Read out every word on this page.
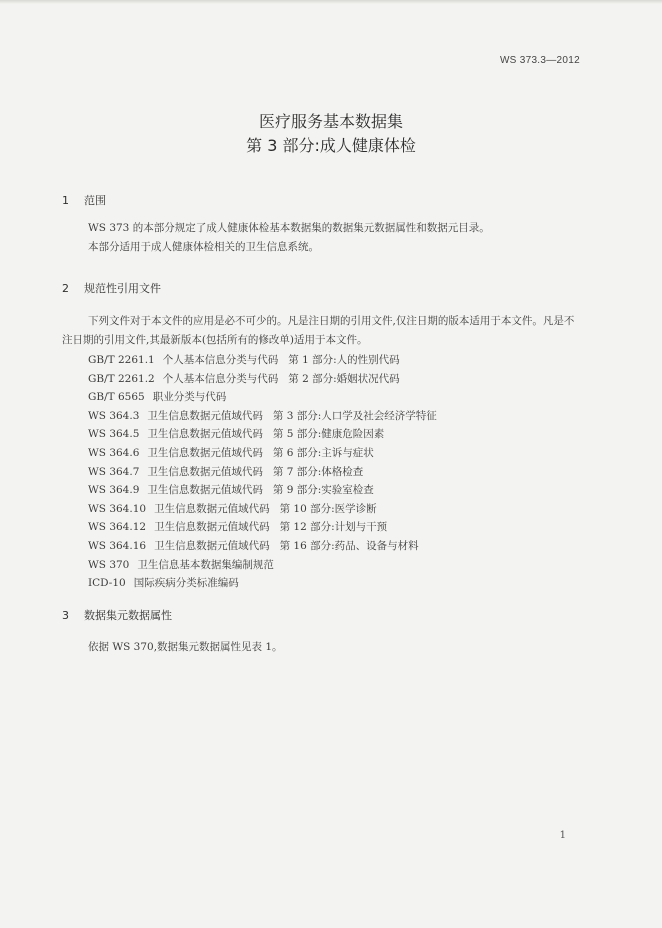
WS 373.3—2012
医疗服务基本数据集
第 3 部分:成人健康体检
1 范围

WS 373 的本部分规定了成人健康体检基本数据集的数据集元数据属性和数据元目录。

本部分适用于成人健康体检相关的卫生信息系统。

2 规范性引用文件

下列文件对于本文件的应用是必不可少的。凡是注日期的引用文件,仅注日期的版本适用于本文件。凡是不注日期的引用文件,其最新版本(包括所有的修改单)适用于本文件。

GB/T 2261.1 个人基本信息分类与代码 第 1 部分:人的性别代码
GB/T 2261.2 个人基本信息分类与代码 第 2 部分:婚姻状况代码
GB/T 6565 职业分类与代码
WS 364.3 卫生信息数据元值域代码 第 3 部分:人口学及社会经济学特征
WS 364.5 卫生信息数据元值域代码 第 5 部分:健康危险因素
WS 364.6 卫生信息数据元值域代码 第 6 部分:主诉与症状
WS 364.7 卫生信息数据元值域代码 第 7 部分:体格检查
WS 364.9 卫生信息数据元值域代码 第 9 部分:实验室检查
WS 364.10 卫生信息数据元值域代码 第 10 部分:医学诊断
WS 364.12 卫生信息数据元值域代码 第 12 部分:计划与干预
WS 364.16 卫生信息数据元值域代码 第 16 部分:药品、设备与材料
WS 370 卫生信息基本数据集编制规范
ICD-10 国际疾病分类标准编码
3 数据集元数据属性

依据 WS 370,数据集元数据属性见表 1。

1
